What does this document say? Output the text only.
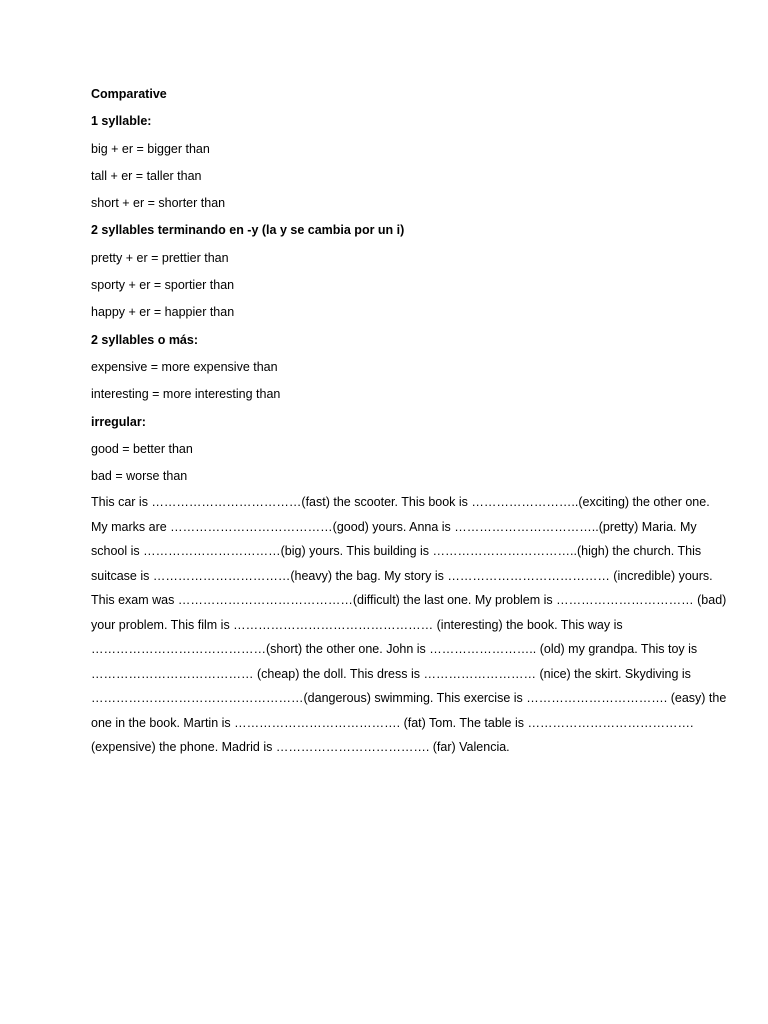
Comparative

1 syllable:

big + er = bigger than

tall + er = taller than

short + er = shorter than

2 syllables terminando en -y (la y se cambia por un i)

pretty + er = prettier than

sporty + er = sportier than

happy + er = happier than

2 syllables o más:

expensive = more expensive than

interesting = more interesting than

irregular:

good = better than

bad = worse than

This car is ………………………………(fast) the scooter. This book is ……………………..(exciting) the other one.
My marks are …………………………………(good) yours. Anna is ……………………………..(pretty) Maria. My
school is ……………………………(big) yours. This building is ……………………………..(high) the church. This
suitcase is ……………………………(heavy) the bag. My story is ………………………………… (incredible) yours.
This exam was ……………………………………(difficult) the last one. My problem is …………………………… (bad)
your problem. This film is ………………………………………… (interesting) the book. This way is
……………………………………(short) the other one. John is …………………….. (old) my grandpa. This toy is
………………………………… (cheap) the doll. This dress is ……………………… (nice) the skirt. Skydiving is
……………………………………………(dangerous) swimming. This exercise is ……………………………. (easy) the
one in the book. Martin is …………………………………. (fat) Tom. The table is ………………………………….
(expensive) the phone. Madrid is ………………………………. (far) Valencia.
